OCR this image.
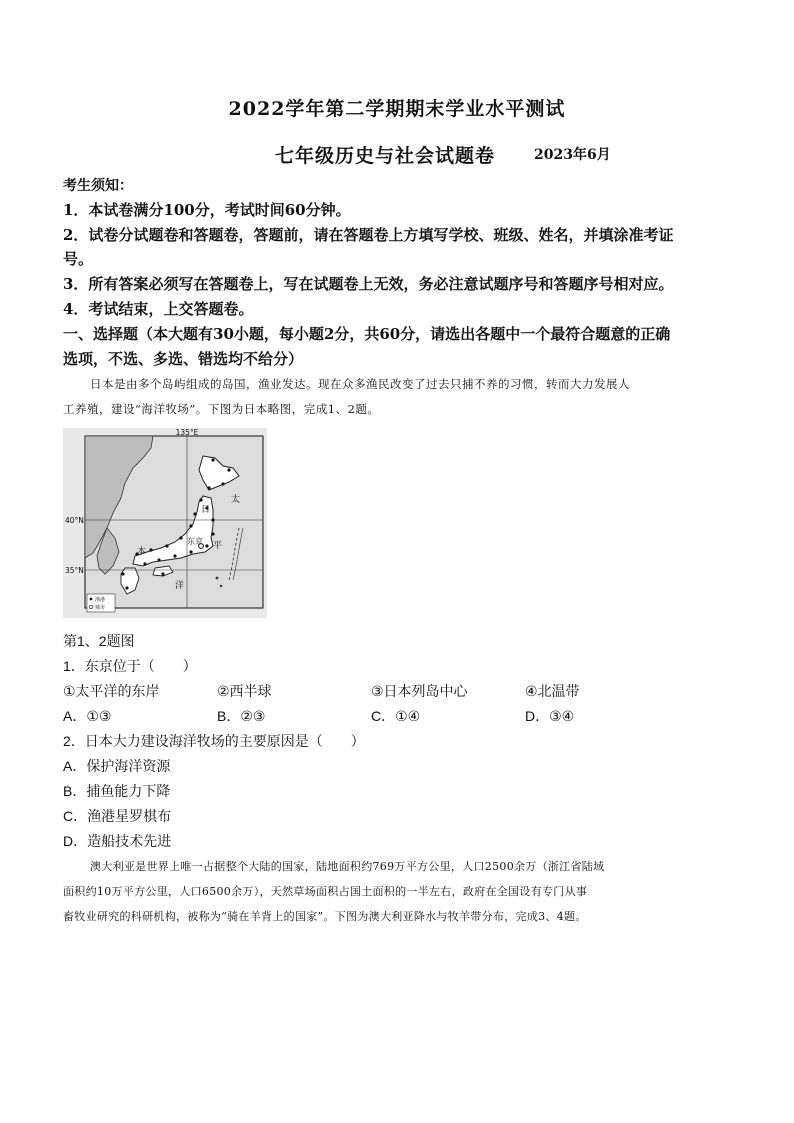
2022学年第二学期期末学业水平测试
七年级历史与社会试题卷	2023年6月
考生须知：
1．本试卷满分100分，考试时间60分钟。
2．试卷分试题卷和答题卷，答题前，请在答题卷上方填写学校、班级、姓名，并填涂准考证
号。
3．所有答案必须写在答题卷上，写在试题卷上无效，务必注意试题序号和答题序号相对应。
4．考试结束，上交答题卷。
一、选择题（本大题有30小题，每小题2分，共60分，请选出各题中一个最符合题意的正确
选项，不选、多选、错选均不给分）
日本是由多个岛屿组成的岛国，渔业发达。现在众多渔民改变了过去只捕不养的习惯，转而大力发展人
工养殖，建设“海洋牧场”。下图为日本略图，完成1、2题。
135°E
40°N
35°N
东京
日
本
太
平
洋
渔港
城市
第1、2题图
1．东京位于（　　）
①太平洋的东岸	②西半球	③日本列岛中心	④北温带
A．①③	B．②③	C．①④	D．③④
2．日本大力建设海洋牧场的主要原因是（　　）
A．保护海洋资源
B．捕鱼能力下降
C．渔港星罗棋布
D．造船技术先进
澳大利亚是世界上唯一占据整个大陆的国家，陆地面积约769万平方公里，人口2500余万（浙江省陆域
面积约10万平方公里，人口6500余万），天然草场面积占国土面积的一半左右，政府在全国设有专门从事
畜牧业研究的科研机构，被称为“骑在羊背上的国家”。下图为澳大利亚降水与牧羊带分布，完成3、4题。
